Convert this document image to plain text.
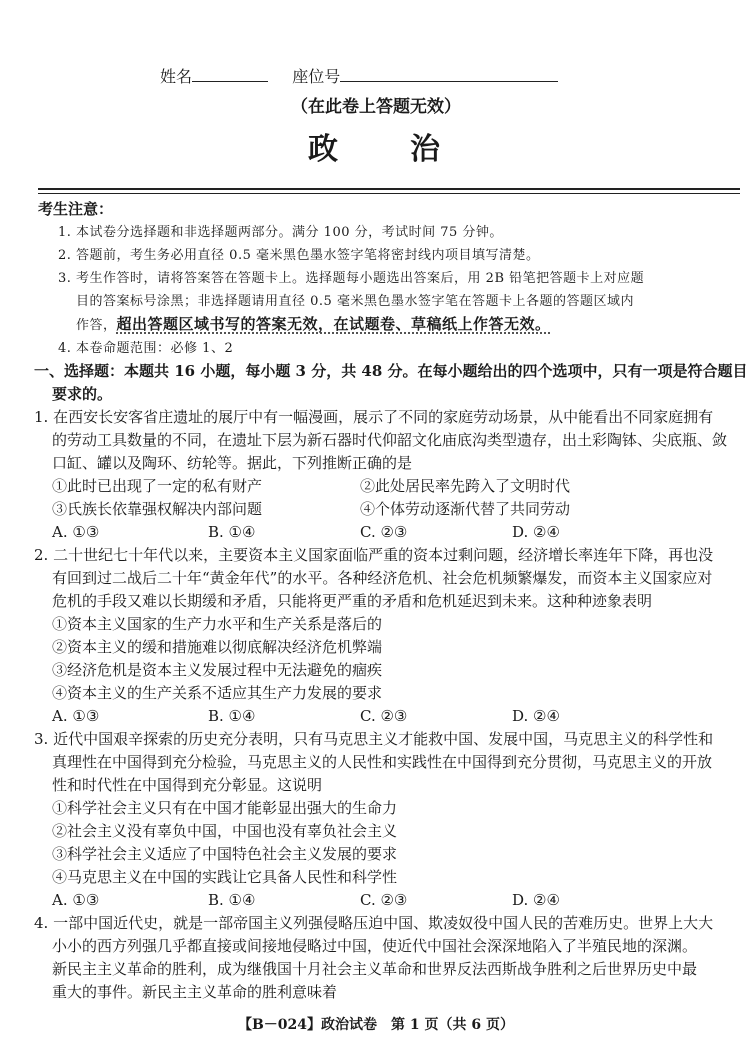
姓名	座位号
（在此卷上答题无效）
政　　治
考生注意：
1. 本试卷分选择题和非选择题两部分。满分 100 分，考试时间 75 分钟。
2. 答题前，考生务必用直径 0.5 毫米黑色墨水签字笔将密封线内项目填写清楚。
3. 考生作答时，请将答案答在答题卡上。选择题每小题选出答案后，用 2B 铅笔把答题卡上对应题
目的答案标号涂黑；非选择题请用直径 0.5 毫米黑色墨水签字笔在答题卡上各题的答题区域内
作答，超出答题区域书写的答案无效，在试题卷、草稿纸上作答无效。
4. 本卷命题范围：必修 1、2
一、选择题：本题共 16 小题，每小题 3 分，共 48 分。在每小题给出的四个选项中，只有一项是符合题目
要求的。
1. 在西安长安客省庄遗址的展厅中有一幅漫画，展示了不同的家庭劳动场景，从中能看出不同家庭拥有
的劳动工具数量的不同，在遗址下层为新石器时代仰韶文化庙底沟类型遗存，出土彩陶钵、尖底瓶、敛
口缸、罐以及陶环、纺轮等。据此，下列推断正确的是
①此时已出现了一定的私有财产	②此处居民率先跨入了文明时代
③氏族长依靠强权解决内部问题	④个体劳动逐渐代替了共同劳动
A. ①③	B. ①④	C. ②③	D. ②④
2. 二十世纪七十年代以来，主要资本主义国家面临严重的资本过剩问题，经济增长率连年下降，再也没
有回到过二战后二十年“黄金年代”的水平。各种经济危机、社会危机频繁爆发，而资本主义国家应对
危机的手段又难以长期缓和矛盾，只能将更严重的矛盾和危机延迟到未来。这种种迹象表明
①资本主义国家的生产力水平和生产关系是落后的
②资本主义的缓和措施难以彻底解决经济危机弊端
③经济危机是资本主义发展过程中无法避免的痼疾
④资本主义的生产关系不适应其生产力发展的要求
A. ①③	B. ①④	C. ②③	D. ②④
3. 近代中国艰辛探索的历史充分表明，只有马克思主义才能救中国、发展中国，马克思主义的科学性和
真理性在中国得到充分检验，马克思主义的人民性和实践性在中国得到充分贯彻，马克思主义的开放
性和时代性在中国得到充分彰显。这说明
①科学社会主义只有在中国才能彰显出强大的生命力
②社会主义没有辜负中国，中国也没有辜负社会主义
③科学社会主义适应了中国特色社会主义发展的要求
④马克思主义在中国的实践让它具备人民性和科学性
A. ①③	B. ①④	C. ②③	D. ②④
4. 一部中国近代史，就是一部帝国主义列强侵略压迫中国、欺凌奴役中国人民的苦难历史。世界上大大
小小的西方列强几乎都直接或间接地侵略过中国，使近代中国社会深深地陷入了半殖民地的深渊。
新民主主义革命的胜利，成为继俄国十月社会主义革命和世界反法西斯战争胜利之后世界历史中最
重大的事件。新民主主义革命的胜利意味着
【B－024】政治试卷　第 1 页（共 6 页）
